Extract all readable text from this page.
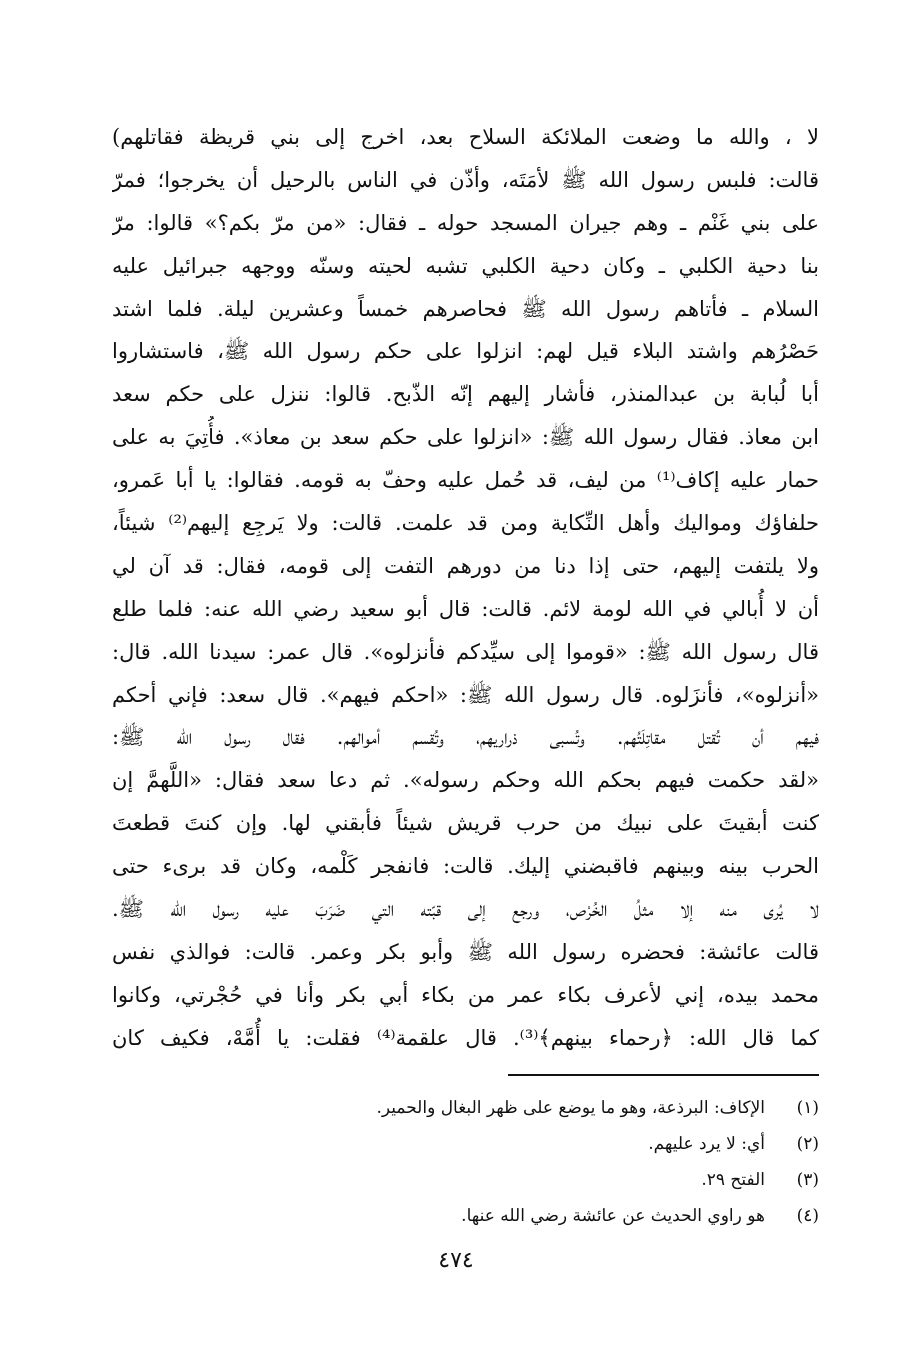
لا ، والله ما وضعت الملائكة السلاح بعد، اخرج إلى بني قريظة فقاتلهم)
قالت: فلبس رسول الله ﷺ لأمَتَه، وأذّن في الناس بالرحيل أن يخرجوا؛ فمرّ
على بني غَنْم ـ وهم جيران المسجد حوله ـ فقال: «من مرّ بكم؟» قالوا: مرّ
بنا دحية الكلبي ـ وكان دحية الكلبي تشبه لحيته وسنّه ووجهه جبرائيل عليه
السلام ـ فأتاهم رسول الله ﷺ فحاصرهم خمساً وعشرين ليلة. فلما اشتد
حَصْرُهم واشتد البلاء قيل لهم: انزلوا على حكم رسول الله ﷺ، فاستشاروا
أبا لُبابة بن عبدالمنذر، فأشار إليهم إنّه الذّبح. قالوا: ننزل على حكم سعد
ابن معاذ. فقال رسول الله ﷺ: «انزلوا على حكم سعد بن معاذ». فأُتِيَ به على
حمار عليه إكاف⁽¹⁾ من ليف، قد حُمل عليه وحفّ به قومه. فقالوا: يا أبا عَمرو،
حلفاؤك ومواليك وأهل النِّكاية ومن قد علمت. قالت: ولا يَرجِع إليهم⁽²⁾ شيئاً،
ولا يلتفت إليهم، حتى إذا دنا من دورهم التفت إلى قومه، فقال: قد آن لي
أن لا أُبالي في الله لومة لائم. قالت: قال أبو سعيد رضي الله عنه: فلما طلع
قال رسول الله ﷺ: «قوموا إلى سيِّدكم فأنزلوه». قال عمر: سيدنا الله. قال:
«أنزلوه»، فأنزَلوه. قال رسول الله ﷺ: «احكم فيهم». قال سعد: فإني أحكم
فيهم أن تُقتل مقاتِلَتُهم. وتُسبى ذراريهم، وتُقسم أموالهم. فقال رسول الله ﷺ:
«لقد حكمت فيهم بحكم الله وحكم رسوله». ثم دعا سعد فقال: «اللَّهمَّ إن
كنت أبقيتَ على نبيك من حرب قريش شيئاً فأبقني لها. وإن كنتَ قطعتَ
الحرب بينه وبينهم فاقبضني إليك. قالت: فانفجر كَلْمه، وكان قد برىء حتى
لا يُرى منه إلا مثلُ الخُرْص، ورجع إلى قبّته التي ضَرَبَ عليه رسول الله ﷺ.
قالت عائشة: فحضره رسول الله ﷺ وأبو بكر وعمر. قالت: فوالذي نفس
محمد بيده، إني لأعرف بكاء عمر من بكاء أبي بكر وأنا في حُجْرتي، وكانوا
كما قال الله: ﴿رحماء بينهم﴾⁽³⁾. قال علقمة⁽⁴⁾ فقلت: يا أُمَّهْ، فكيف كان
(١)
الإكاف: البرذعة، وهو ما يوضع على ظهر البغال والحمير.
(٢)
أي: لا يرد عليهم.
(٣)
الفتح ٢٩.
(٤)
هو راوي الحديث عن عائشة رضي الله عنها.
٤٧٤
